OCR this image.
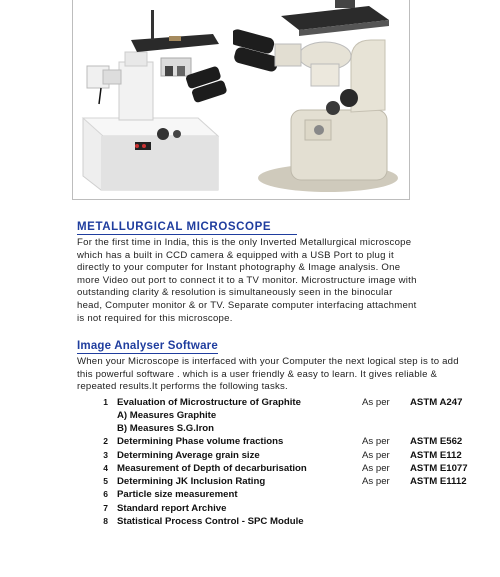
METALLURGICAL MICROSCOPE
For the first time in India, this is the only Inverted Metallurgical microscope
which has a built in CCD camera & equipped with a USB Port to plug it
directly to your computer for Instant photography & Image analysis. One
more Video out port to connect it to a TV monitor. Microstructure image with
outstanding clarity & resolution is simultaneously seen in the binocular
head, Computer monitor & or TV. Separate computer interfacing attachment
is not required for this microscope.
Image Analyser Software
When your Microscope is interfaced with your Computer the next logical step is to add
this powerful software . which is a user friendly & easy to learn. It gives reliable &
repeated results.It performs the following tasks.
1 Evaluation of Microstructure of Graphite	As per ASTM A247
A) Measures Graphite
B) Measures S.G.Iron
2 Determining Phase volume fractions	As per ASTM E562
3 Determining Average grain size	As per ASTM E112
4 Measurement of Depth of decarburisation	As per ASTM E1077
5 Determining JK Inclusion Rating	As per ASTM E1112
6 Particle size measurement
7 Standard report Archive
8 Statistical Process Control - SPC Module
